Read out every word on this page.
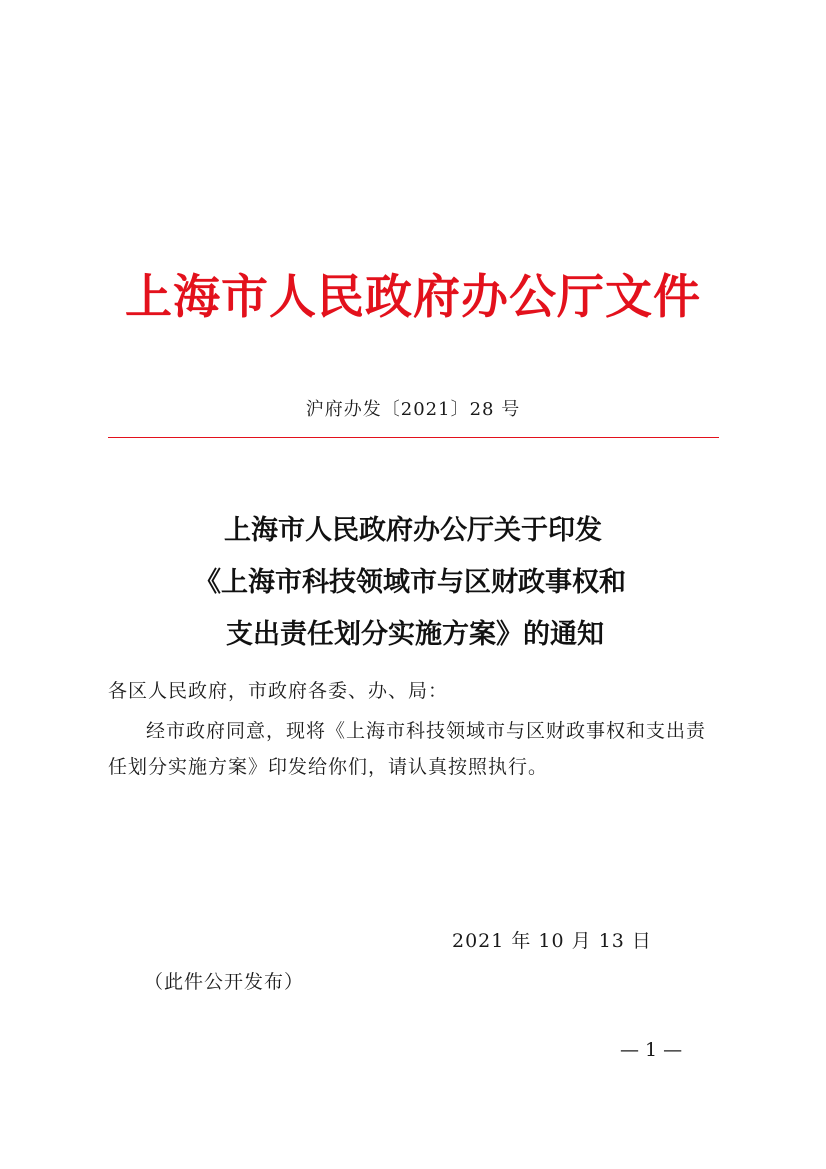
上海市人民政府办公厅文件
沪府办发〔2021〕28 号
上海市人民政府办公厅关于印发
《上海市科技领域市与区财政事权和
支出责任划分实施方案》的通知

各区人民政府，市政府各委、办、局：

经市政府同意，现将《上海市科技领域市与区财政事权和支出责任划分实施方案》印发给你们，请认真按照执行。

2021 年 10 月 13 日
（此件公开发布）
— 1 —
